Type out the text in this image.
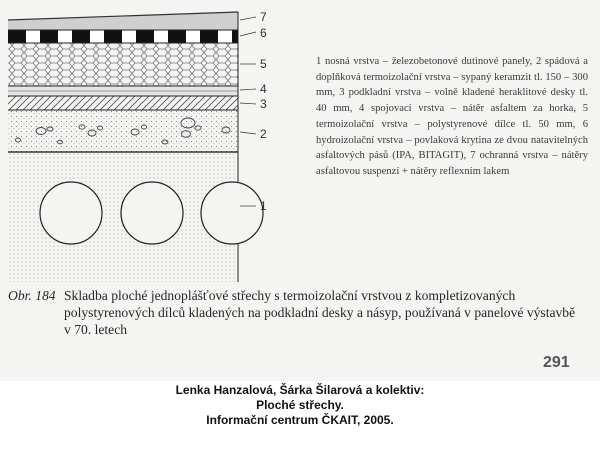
7
6
5
4
3
2
1

1 nosná vrstva – železobetonové dutinové panely, 2 spádová a doplňková termoizolační vrstva – sypaný keramzit tl. 150 – 300 mm, 3 podkladní vrstva – volně kladené heraklitové desky tl. 40 mm, 4 spojovací vrstva – nátěr asfaltem za horka, 5 termoizolační vrstva – polystyrenové dílce tl. 50 mm, 6 hydroizolační vrstva – povlaková krytina ze dvou natavitelných asfaltových pásů (IPA, BITAGIT), 7 ochranná vrstva – nátěry asfaltovou suspenzí + nátěry reflexním lakem

Obr. 184 Skladba ploché jednoplášťové střechy s termoizolační vrstvou z kompletizovaných polystyrenových dílců kladených na podkladní desky a násyp, používaná v panelové výstavbě v 70. letech
291
Lenka Hanzalová, Šárka Šilarová a kolektiv:
Ploché střechy.
Informační centrum ČKAIT, 2005.
